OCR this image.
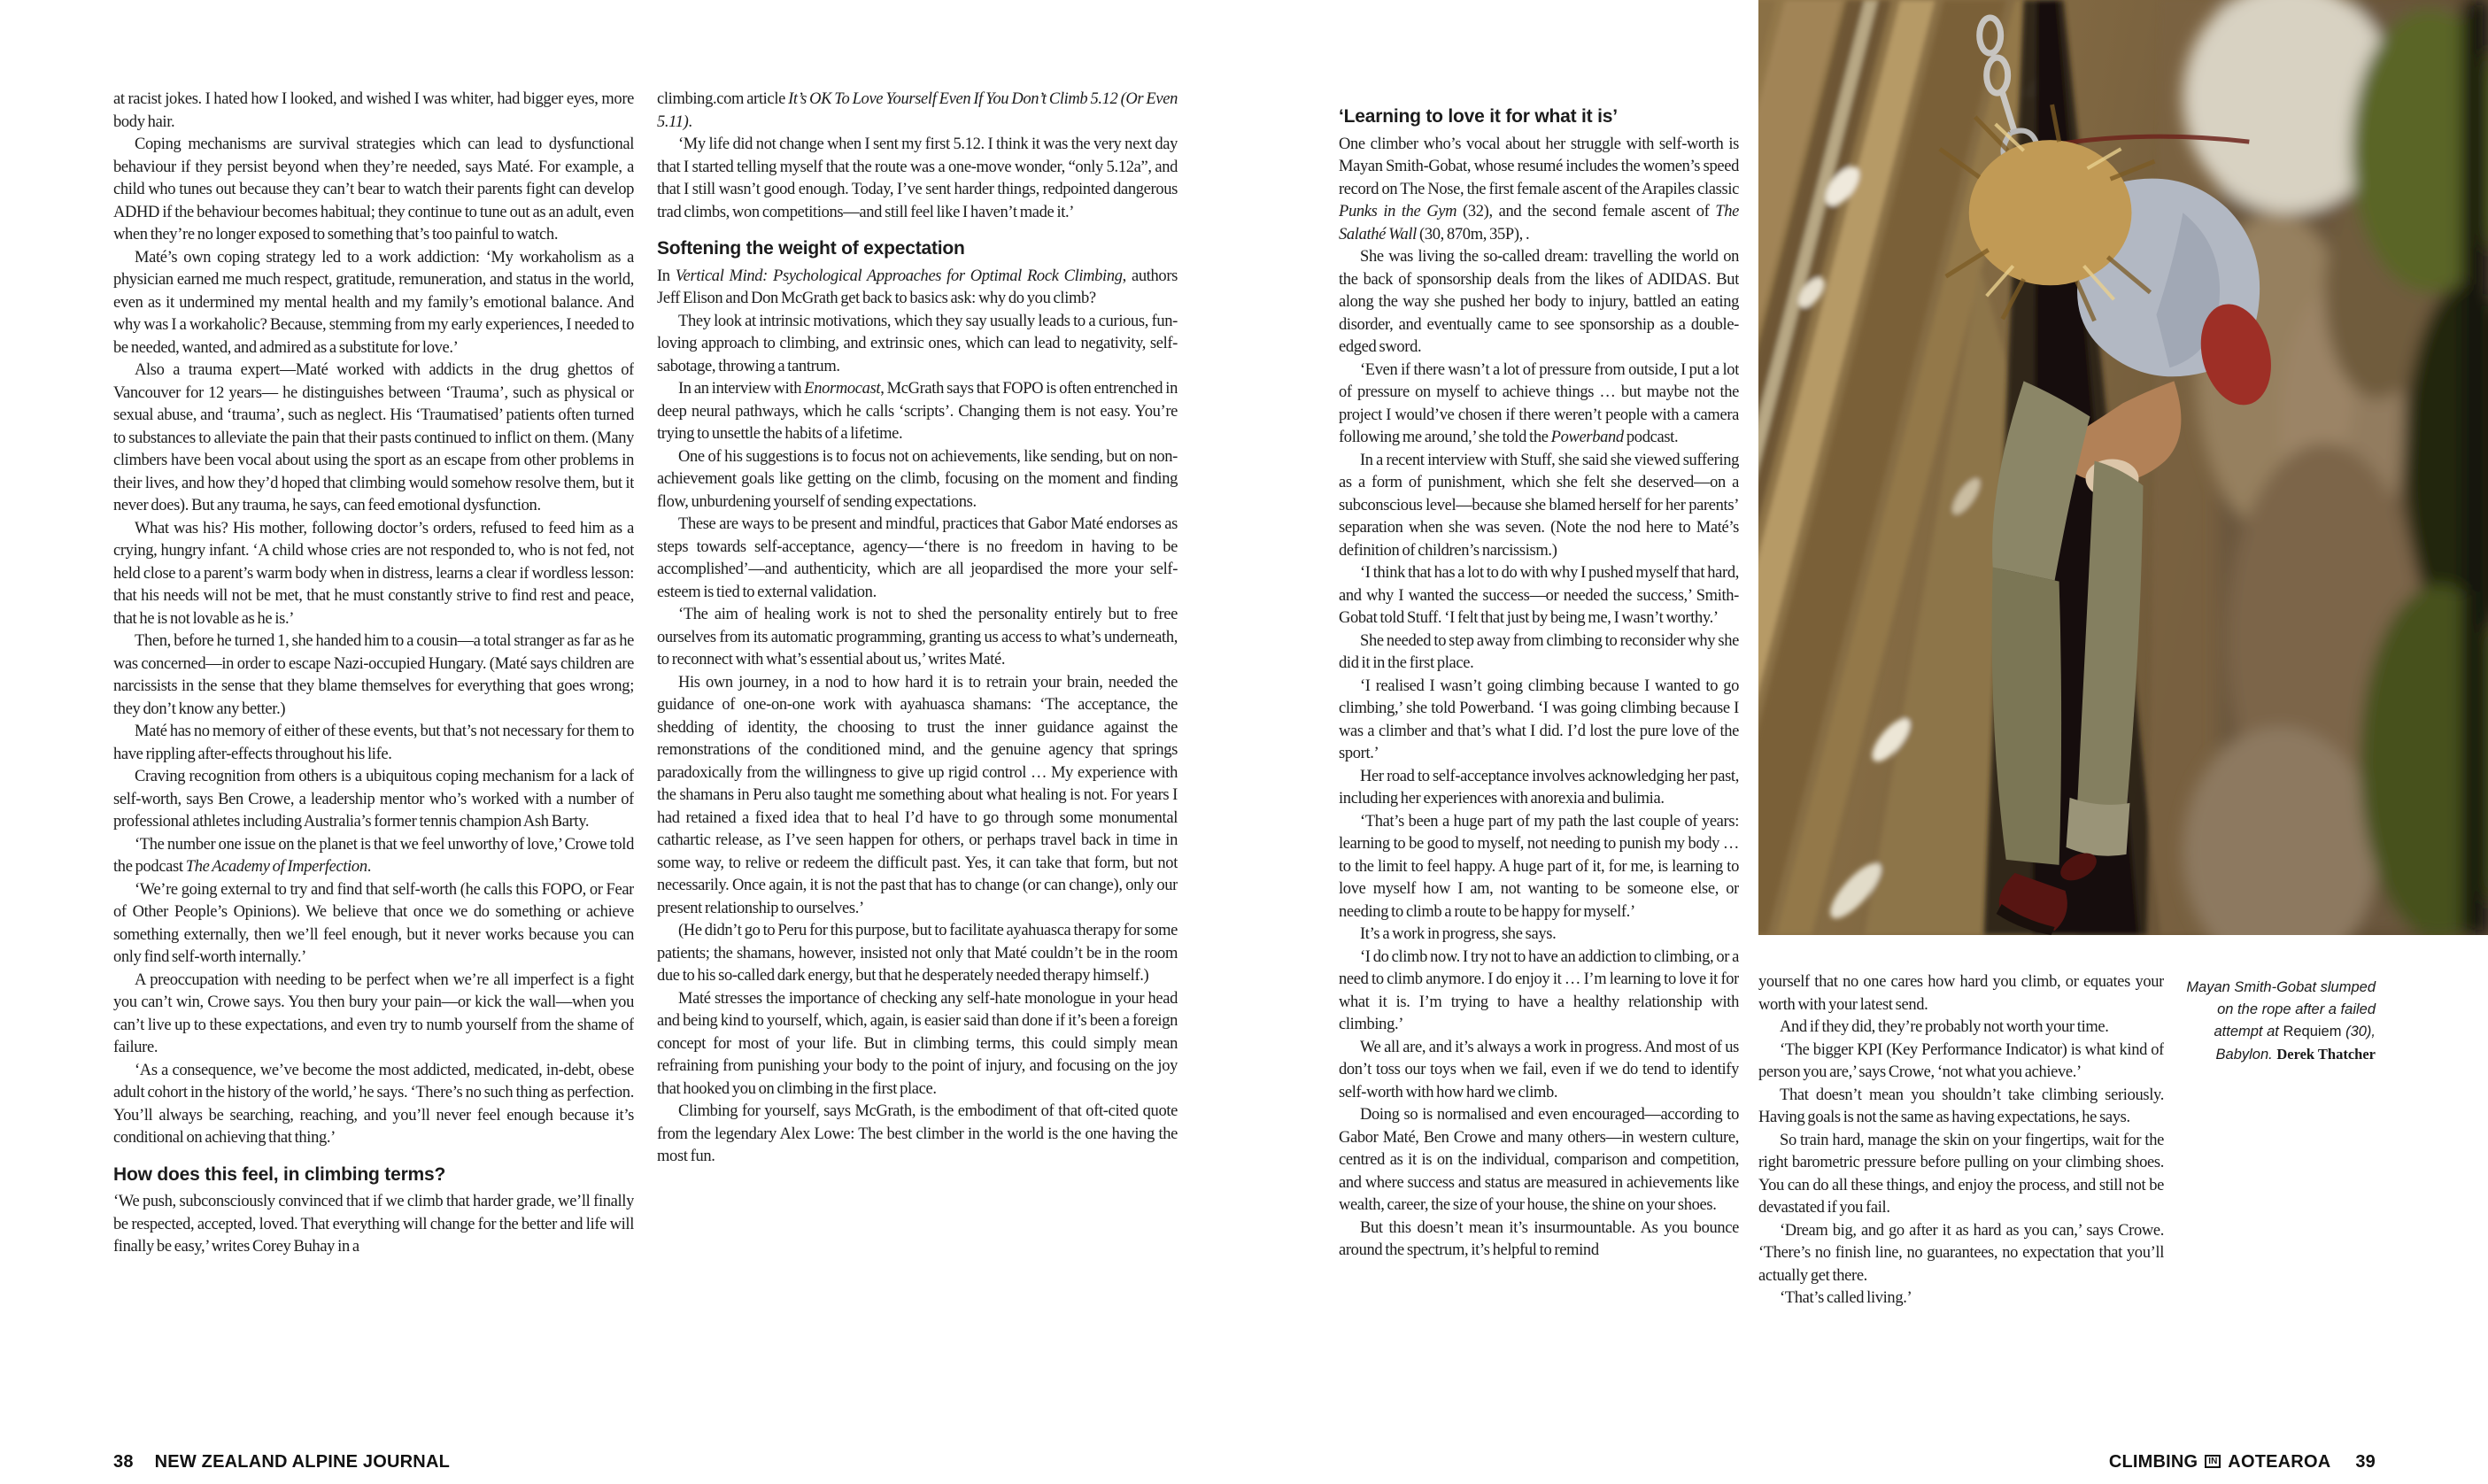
at racist jokes. I hated how I looked, and wished I was whiter, had bigger eyes, more body hair.

Coping mechanisms are survival strategies which can lead to dysfunctional behaviour if they persist beyond when they’re needed, says Maté. For example, a child who tunes out because they can’t bear to watch their parents fight can develop ADHD if the behaviour becomes habitual; they continue to tune out as an adult, even when they’re no longer exposed to something that’s too painful to watch.

Maté’s own coping strategy led to a work addiction: ‘My workaholism as a physician earned me much respect, gratitude, remuneration, and status in the world, even as it undermined my mental health and my family’s emotional balance. And why was I a workaholic? Because, stemming from my early experiences, I needed to be needed, wanted, and admired as a substitute for love.’

Also a trauma expert—Maté worked with addicts in the drug ghettos of Vancouver for 12 years— he distinguishes between ‘Trauma’, such as physical or sexual abuse, and ‘trauma’, such as neglect. His ‘Traumatised’ patients often turned to substances to alleviate the pain that their pasts continued to inflict on them. (Many climbers have been vocal about using the sport as an escape from other problems in their lives, and how they’d hoped that climbing would somehow resolve them, but it never does). But any trauma, he says, can feed emotional dysfunction.

What was his? His mother, following doctor’s orders, refused to feed him as a crying, hungry infant. ‘A child whose cries are not responded to, who is not fed, not held close to a parent’s warm body when in distress, learns a clear if wordless lesson: that his needs will not be met, that he must constantly strive to find rest and peace, that he is not lovable as he is.’

Then, before he turned 1, she handed him to a cousin—a total stranger as far as he was concerned—in order to escape Nazi-occupied Hungary. (Maté says children are narcissists in the sense that they blame themselves for everything that goes wrong; they don’t know any better.)

Maté has no memory of either of these events, but that’s not necessary for them to have rippling after-effects throughout his life.

Craving recognition from others is a ubiquitous coping mechanism for a lack of self-worth, says Ben Crowe, a leadership mentor who’s worked with a number of professional athletes including Australia’s former tennis champion Ash Barty.

‘The number one issue on the planet is that we feel unworthy of love,’ Crowe told the podcast The Academy of Imperfection.

‘We’re going external to try and find that self-worth (he calls this FOPO, or Fear of Other People’s Opinions). We believe that once we do something or achieve something externally, then we’ll feel enough, but it never works because you can only find self-worth internally.’

A preoccupation with needing to be perfect when we’re all imperfect is a fight you can’t win, Crowe says. You then bury your pain—or kick the wall—when you can’t live up to these expectations, and even try to numb yourself from the shame of failure.

‘As a consequence, we’ve become the most addicted, medicated, in-debt, obese adult cohort in the history of the world,’ he says. ‘There’s no such thing as perfection. You’ll always be searching, reaching, and you’ll never feel enough because it’s conditional on achieving that thing.’

How does this feel, in climbing terms?

‘We push, subconsciously convinced that if we climb that harder grade, we’ll finally be respected, accepted, loved. That everything will change for the better and life will finally be easy,’ writes Corey Buhay in a

climbing.com article It’s OK To Love Yourself Even If You Don’t Climb 5.12 (Or Even 5.11).

‘My life did not change when I sent my first 5.12. I think it was the very next day that I started telling myself that the route was a one-move wonder, “only 5.12a”, and that I still wasn’t good enough. Today, I’ve sent harder things, redpointed dangerous trad climbs, won competitions—and still feel like I haven’t made it.’

Softening the weight of expectation

In Vertical Mind: Psychological Approaches for Optimal Rock Climbing, authors Jeff Elison and Don McGrath get back to basics ask: why do you climb?

They look at intrinsic motivations, which they say usually leads to a curious, fun-loving approach to climbing, and extrinsic ones, which can lead to negativity, self-sabotage, throwing a tantrum.

In an interview with Enormocast, McGrath says that FOPO is often entrenched in deep neural pathways, which he calls ‘scripts’. Changing them is not easy. You’re trying to unsettle the habits of a lifetime.

One of his suggestions is to focus not on achievements, like sending, but on non-achievement goals like getting on the climb, focusing on the moment and finding flow, unburdening yourself of sending expectations.

These are ways to be present and mindful, practices that Gabor Maté endorses as steps towards self-acceptance, agency—‘there is no freedom in having to be accomplished’—and authenticity, which are all jeopardised the more your self-esteem is tied to external validation.

‘The aim of healing work is not to shed the personality entirely but to free ourselves from its automatic programming, granting us access to what’s underneath, to reconnect with what’s essential about us,’ writes Maté.

His own journey, in a nod to how hard it is to retrain your brain, needed the guidance of one-on-one work with ayahuasca shamans: ‘The acceptance, the shedding of identity, the choosing to trust the inner guidance against the remonstrations of the conditioned mind, and the genuine agency that springs paradoxically from the willingness to give up rigid control … My experience with the shamans in Peru also taught me something about what healing is not. For years I had retained a fixed idea that to heal I’d have to go through some monumental cathartic release, as I’ve seen happen for others, or perhaps travel back in time in some way, to relive or redeem the difficult past. Yes, it can take that form, but not necessarily. Once again, it is not the past that has to change (or can change), only our present relationship to ourselves.’

(He didn’t go to Peru for this purpose, but to facilitate ayahuasca therapy for some patients; the shamans, however, insisted not only that Maté couldn’t be in the room due to his so-called dark energy, but that he desperately needed therapy himself.)

Maté stresses the importance of checking any self-hate monologue in your head and being kind to yourself, which, again, is easier said than done if it’s been a foreign concept for most of your life. But in climbing terms, this could simply mean refraining from punishing your body to the point of injury, and focusing on the joy that hooked you on climbing in the first place.

Climbing for yourself, says McGrath, is the embodiment of that oft-cited quote from the legendary Alex Lowe: The best climber in the world is the one having the most fun.

‘Learning to love it for what it is’

One climber who’s vocal about her struggle with self-worth is Mayan Smith-Gobat, whose resumé includes the women’s speed record on The Nose, the first female ascent of the Arapiles classic Punks in the Gym (32), and the second female ascent of The Salathé Wall (30, 870m, 35P), .

She was living the so-called dream: travelling the world on the back of sponsorship deals from the likes of ADIDAS. But along the way she pushed her body to injury, battled an eating disorder, and eventually came to see sponsorship as a double-edged sword.

‘Even if there wasn’t a lot of pressure from outside, I put a lot of pressure on myself to achieve things … but maybe not the project I would’ve chosen if there weren’t people with a camera following me around,’ she told the Powerband podcast.

In a recent interview with Stuff, she said she viewed suffering as a form of punishment, which she felt she deserved—on a subconscious level—because she blamed herself for her parents’ separation when she was seven. (Note the nod here to Maté’s definition of children’s narcissism.)

‘I think that has a lot to do with why I pushed myself that hard, and why I wanted the success—or needed the success,’ Smith-Gobat told Stuff. ‘I felt that just by being me, I wasn’t worthy.’

She needed to step away from climbing to reconsider why she did it in the first place.

‘I realised I wasn’t going climbing because I wanted to go climbing,’ she told Powerband. ‘I was going climbing because I was a climber and that’s what I did. I’d lost the pure love of the sport.’

Her road to self-acceptance involves acknowledging her past, including her experiences with anorexia and bulimia.

‘That’s been a huge part of my path the last couple of years: learning to be good to myself, not needing to punish my body … to the limit to feel happy. A huge part of it, for me, is learning to love myself how I am, not wanting to be someone else, or needing to climb a route to be happy for myself.’

It’s a work in progress, she says.

‘I do climb now. I try not to have an addiction to climbing, or a need to climb anymore. I do enjoy it … I’m learning to love it for what it is. I’m trying to have a healthy relationship with climbing.’

We all are, and it’s always a work in progress. And most of us don’t toss our toys when we fail, even if we do tend to identify self-worth with how hard we climb.

Doing so is normalised and even encouraged—according to Gabor Maté, Ben Crowe and many others—in western culture, centred as it is on the individual, comparison and competition, and where success and status are measured in achievements like wealth, career, the size of your house, the shine on your shoes.

But this doesn’t mean it’s insurmountable. As you bounce around the spectrum, it’s helpful to remind

yourself that no one cares how hard you climb, or equates your worth with your latest send.

And if they did, they’re probably not worth your time.

‘The bigger KPI (Key Performance Indicator) is what kind of person you are,’ says Crowe, ‘not what you achieve.’

That doesn’t mean you shouldn’t take climbing seriously. Having goals is not the same as having expectations, he says.

So train hard, manage the skin on your fingertips, wait for the right barometric pressure before pulling on your climbing shoes. You can do all these things, and enjoy the process, and still not be devastated if you fail.

‘Dream big, and go after it as hard as you can,’ says Crowe. ‘There’s no finish line, no guarantees, no expectation that you’ll actually get there.

‘That’s called living.’

Mayan Smith-Gobat slumped on the rope after a failed attempt at Requiem (30), Babylon. Derek Thatcher
38 NEW ZEALAND ALPINE JOURNAL	CLIMBING IN AOTEAROA 39
